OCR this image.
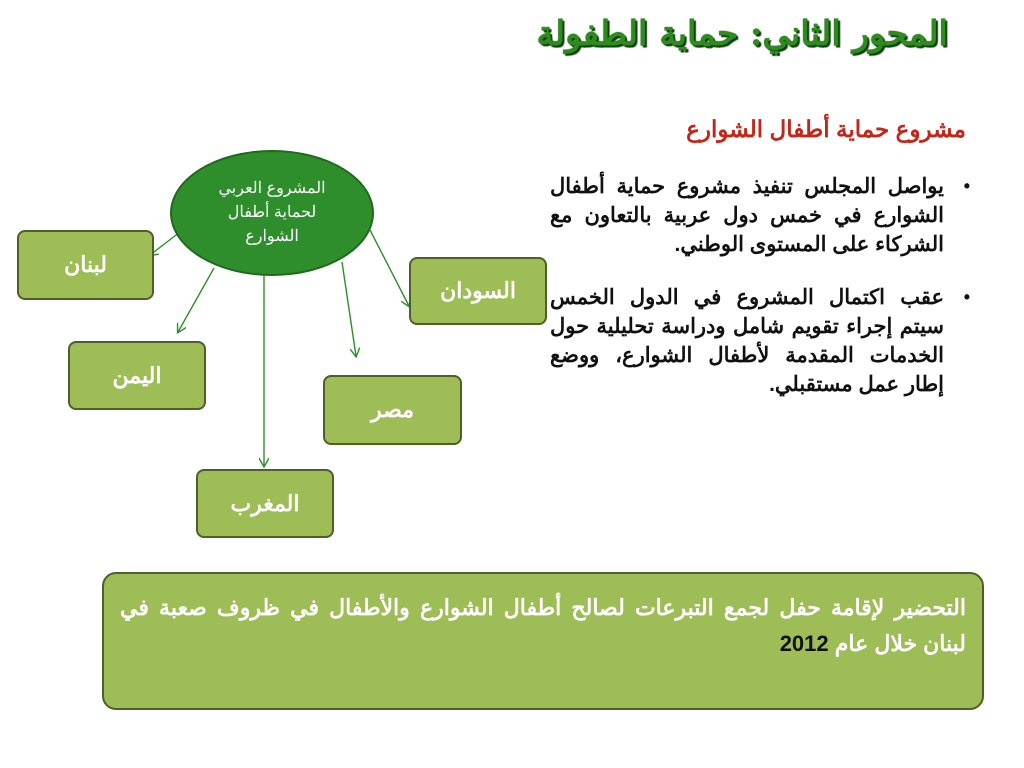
المحور الثاني: حماية الطفولة
مشروع حماية أطفال الشوارع
•
يواصل المجلس تنفيذ مشروع حماية أطفال الشوارع في خمس دول عربية بالتعاون مع الشركاء على المستوى الوطني.
•
عقب اكتمال المشروع في الدول الخمس سيتم إجراء تقويم شامل ودراسة تحليلية حول الخدمات المقدمة لأطفال الشوارع، ووضع إطار عمل مستقبلي.
المشروع العربي لحماية أطفال الشوارع
لبنان
السودان
اليمن
مصر
المغرب
التحضير لإقامة حفل لجمع التبرعات لصالح أطفال الشوارع والأطفال في ظروف صعبة في لبنان خلال عام 2012
